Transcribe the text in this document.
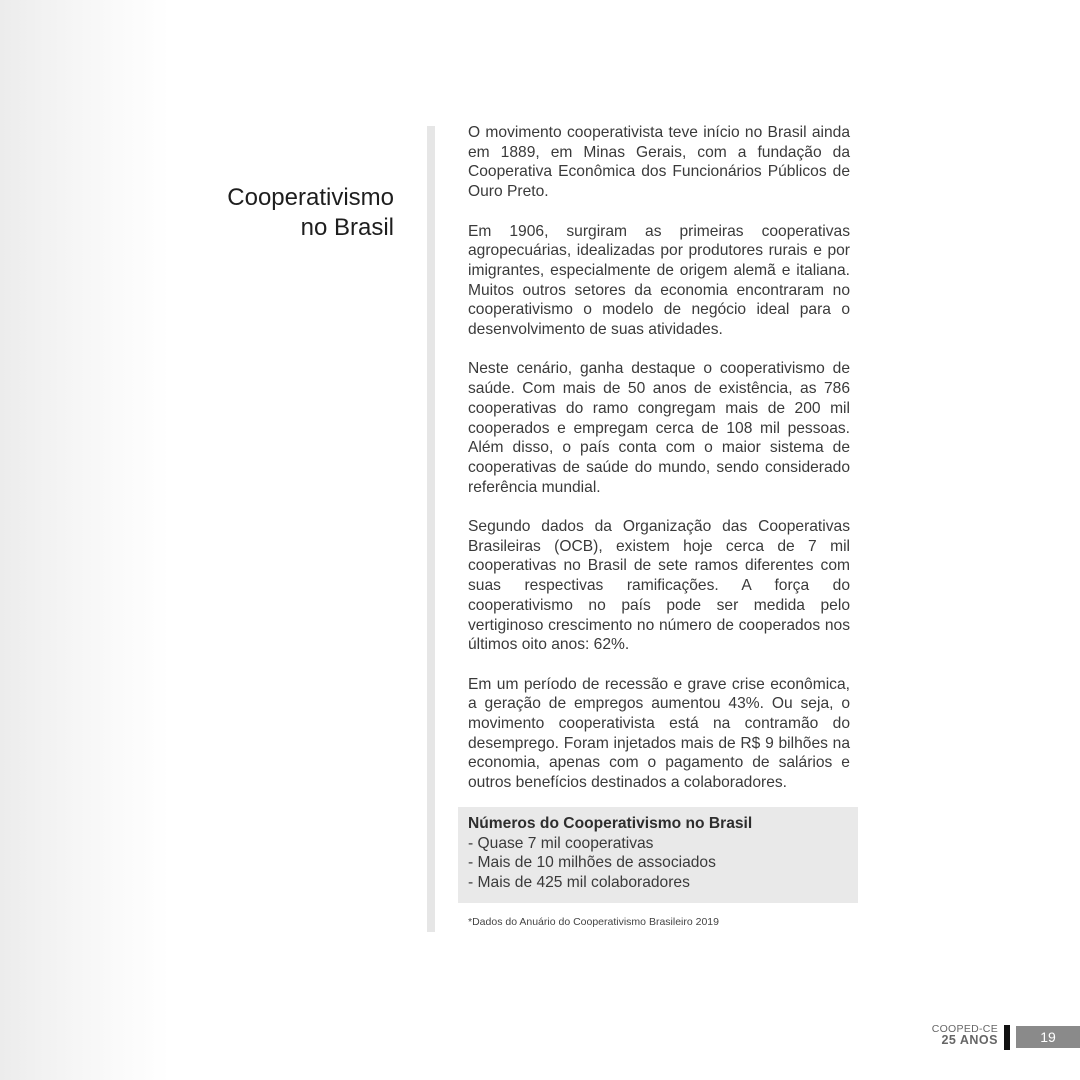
Cooperativismo
no Brasil

O movimento cooperativista teve início no Brasil ainda em 1889, em Minas Gerais, com a fundação da Cooperativa Econômica dos Funcionários Públicos de Ouro Preto.

Em 1906, surgiram as primeiras cooperativas agropecuárias, idealizadas por produtores rurais e por imigrantes, especialmente de origem alemã e italiana. Muitos outros setores da economia encontraram no cooperativismo o modelo de negócio ideal para o desenvolvimento de suas atividades.

Neste cenário, ganha destaque o cooperativismo de saúde. Com mais de 50 anos de existência, as 786 cooperativas do ramo congregam mais de 200 mil cooperados e empregam cerca de 108 mil pessoas. Além disso, o país conta com o maior sistema de cooperativas de saúde do mundo, sendo considerado referência mundial.

Segundo dados da Organização das Cooperativas Brasileiras (OCB), existem hoje cerca de 7 mil cooperativas no Brasil de sete ramos diferentes com suas respectivas ramificações. A força do cooperativismo no país pode ser medida pelo vertiginoso crescimento no número de cooperados nos últimos oito anos: 62%.

Em um período de recessão e grave crise econômica, a geração de empregos aumentou 43%. Ou seja, o movimento cooperativista está na contramão do desemprego. Foram injetados mais de R$ 9 bilhões na economia, apenas com o pagamento de salários e outros benefícios destinados a colaboradores.

Números do Cooperativismo no Brasil
- Quase 7 mil cooperativas
- Mais de 10 milhões de associados
- Mais de 425 mil colaboradores
*Dados do Anuário do Cooperativismo Brasileiro 2019
COOPED-CE
25 ANOS	19
